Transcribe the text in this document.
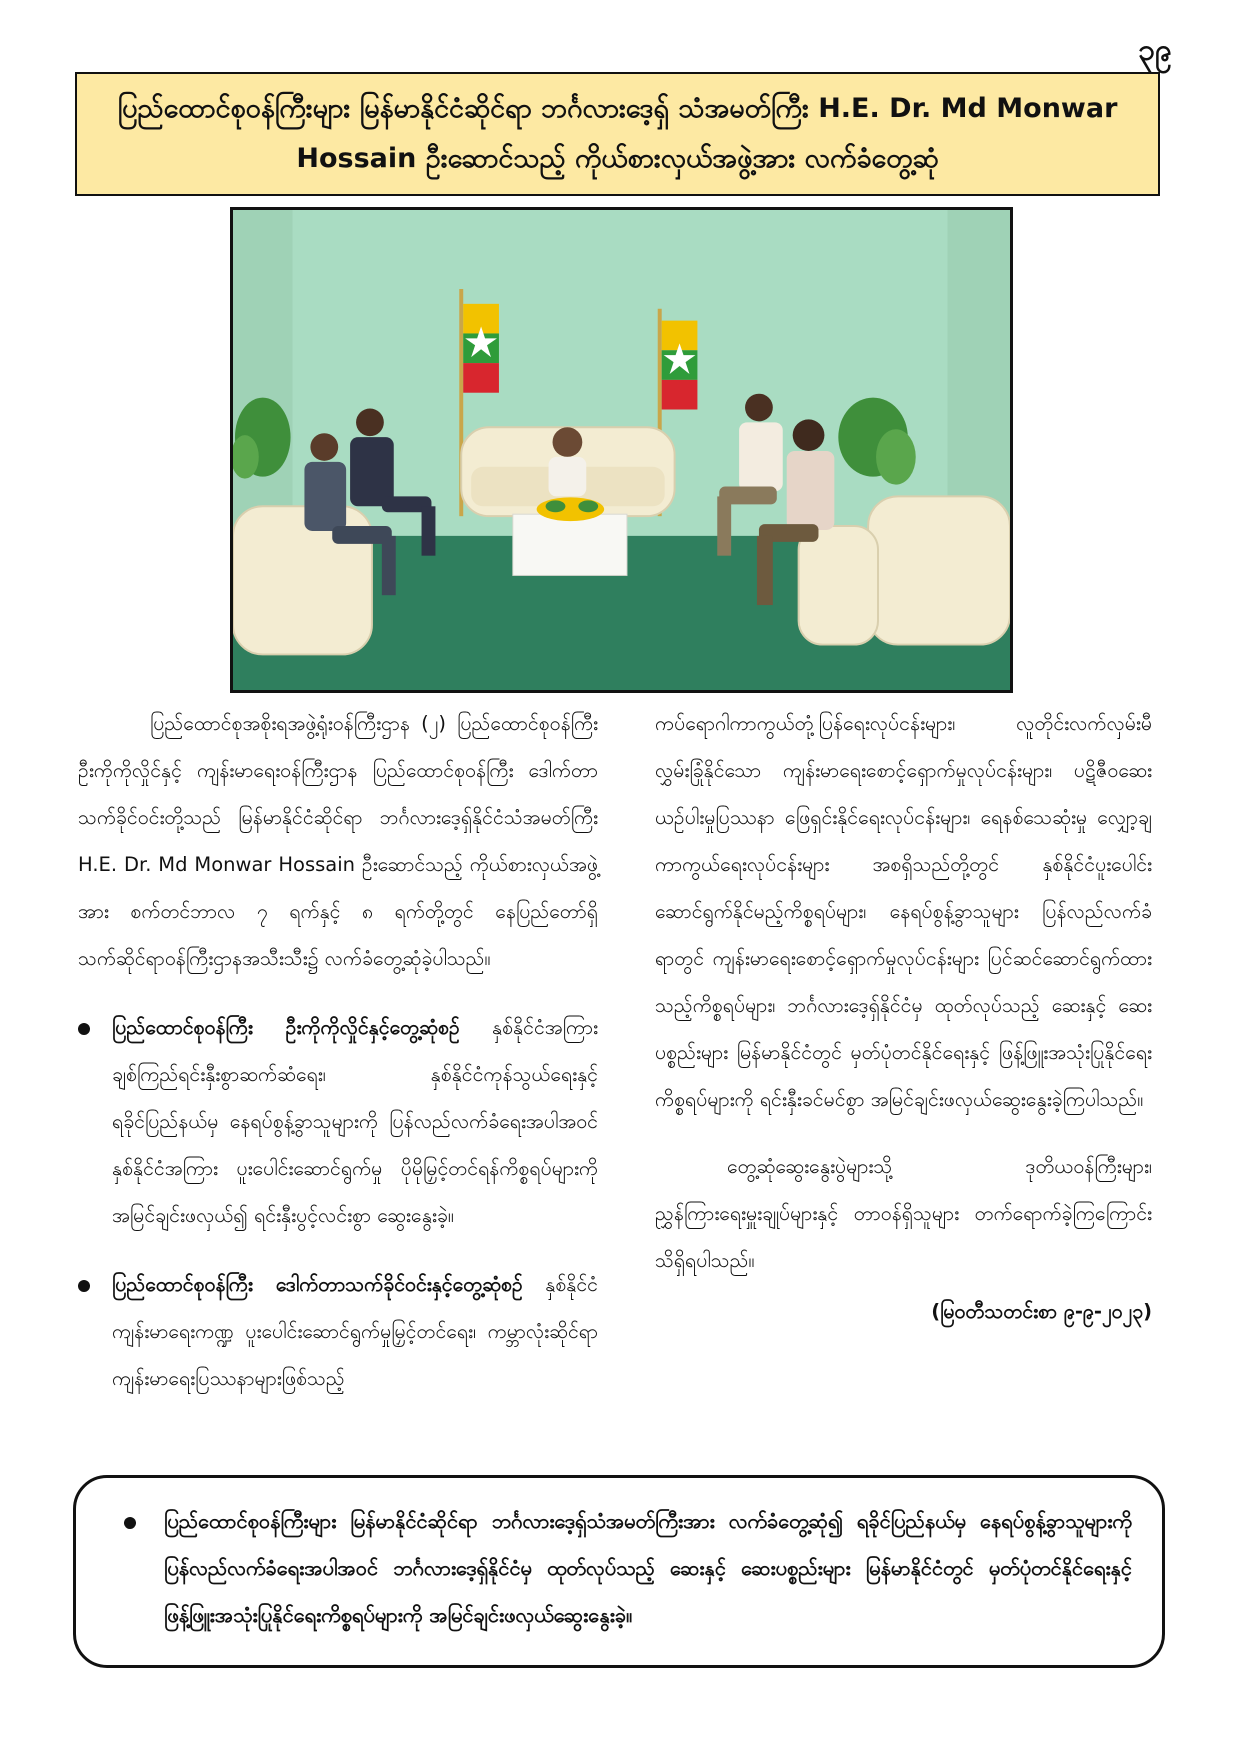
၃၉
ပြည်ထောင်စုဝန်ကြီးများ မြန်မာနိုင်ငံဆိုင်ရာ ဘင်္ဂလားဒေ့ရှ် သံအမတ်ကြီး H.E. Dr. Md Monwar
Hossain ဦးဆောင်သည့် ကိုယ်စားလှယ်အဖွဲ့အား လက်ခံတွေ့ဆုံ

ပြည်ထောင်စုအစိုးရအဖွဲ့ရုံးဝန်ကြီးဌာန (၂) ပြည်ထောင်စုဝန်ကြီး ဦးကိုကိုလှိုင်နှင့် ကျန်းမာရေးဝန်ကြီးဌာန ပြည်ထောင်စုဝန်ကြီး ဒေါက်တာသက်ခိုင်ဝင်းတို့သည် မြန်မာနိုင်ငံဆိုင်ရာ ဘင်္ဂလားဒေ့ရှ်နိုင်ငံသံအမတ်ကြီး H.E. Dr. Md Monwar Hossain ဦးဆောင်သည့် ကိုယ်စားလှယ်အဖွဲ့အား စက်တင်ဘာလ ၇ ရက်နှင့် ၈ ရက်တို့တွင် နေပြည်တော်ရှိ သက်ဆိုင်ရာဝန်ကြီးဌာနအသီးသီး၌ လက်ခံတွေ့ဆုံခဲ့ပါသည်။

ပြည်ထောင်စုဝန်ကြီး ဦးကိုကိုလှိုင်နှင့်တွေ့ဆုံစဉ် နှစ်နိုင်ငံအကြား ချစ်ကြည်ရင်းနှီးစွာဆက်ဆံရေး၊ နှစ်နိုင်ငံကုန်သွယ်ရေးနှင့် ရခိုင်ပြည်နယ်မှ နေရပ်စွန့်ခွာသူများကို ပြန်လည်လက်ခံရေးအပါအဝင် နှစ်နိုင်ငံအကြား ပူးပေါင်းဆောင်ရွက်မှု ပိုမိုမြှင့်တင်ရန်ကိစ္စရပ်များကို အမြင်ချင်းဖလှယ်၍ ရင်းနှီးပွင့်လင်းစွာ ဆွေးနွေးခဲ့။
ပြည်ထောင်စုဝန်ကြီး ဒေါက်တာသက်ခိုင်ဝင်းနှင့်တွေ့ဆုံစဉ် နှစ်နိုင်ငံကျန်းမာရေးကဏ္ဍ ပူးပေါင်းဆောင်ရွက်မှုမြှင့်တင်ရေး၊ ကမ္ဘာလုံးဆိုင်ရာကျန်းမာရေးပြဿနာများဖြစ်သည့်

ကပ်ရောဂါကာကွယ်တုံ့ပြန်ရေးလုပ်ငန်းများ၊ လူတိုင်းလက်လှမ်းမီ လွှမ်းခြုံနိုင်သော ကျန်းမာရေးစောင့်ရှောက်မှုလုပ်ငန်းများ၊ ပဋိဇီဝဆေးယဉ်ပါးမှုပြဿနာ ဖြေရှင်းနိုင်ရေးလုပ်ငန်းများ၊ ရေနစ်သေဆုံးမှု လျှော့ချကာကွယ်ရေးလုပ်ငန်းများ အစရှိသည်တို့တွင် နှစ်နိုင်ငံပူးပေါင်းဆောင်ရွက်နိုင်မည့်ကိစ္စရပ်များ၊ နေရပ်စွန့်ခွာသူများ ပြန်လည်လက်ခံရာတွင် ကျန်းမာရေးစောင့်ရှောက်မှုလုပ်ငန်းများ ပြင်ဆင်ဆောင်ရွက်ထားသည့်ကိစ္စရပ်များ၊ ဘင်္ဂလားဒေ့ရှ်နိုင်ငံမှ ထုတ်လုပ်သည့် ဆေးနှင့် ဆေးပစ္စည်းများ မြန်မာနိုင်ငံတွင် မှတ်ပုံတင်နိုင်ရေးနှင့် ဖြန့်ဖြူးအသုံးပြုနိုင်ရေး ကိစ္စရပ်များကို ရင်းနှီးခင်မင်စွာ အမြင်ချင်းဖလှယ်ဆွေးနွေးခဲ့ကြပါသည်။

တွေ့ဆုံဆွေးနွေးပွဲများသို့ ဒုတိယဝန်ကြီးများ၊ ညွှန်ကြားရေးမှူးချုပ်များနှင့် တာဝန်ရှိသူများ တက်ရောက်ခဲ့ကြကြောင်း သိရှိရပါသည်။

(မြဝတီသတင်းစာ ၉-၉-၂၀၂၃)

ပြည်ထောင်စုဝန်ကြီးများ မြန်မာနိုင်ငံဆိုင်ရာ ဘင်္ဂလားဒေ့ရှ်သံအမတ်ကြီးအား လက်ခံတွေ့ဆုံ၍ ရခိုင်ပြည်နယ်မှ နေရပ်စွန့်ခွာသူများကို ပြန်လည်လက်ခံရေးအပါအဝင် ဘင်္ဂလားဒေ့ရှ်နိုင်ငံမှ ထုတ်လုပ်သည့် ဆေးနှင့် ဆေးပစ္စည်းများ မြန်မာနိုင်ငံတွင် မှတ်ပုံတင်နိုင်ရေးနှင့် ဖြန့်ဖြူးအသုံးပြုနိုင်ရေးကိစ္စရပ်များကို အမြင်ချင်းဖလှယ်ဆွေးနွေးခဲ့။
